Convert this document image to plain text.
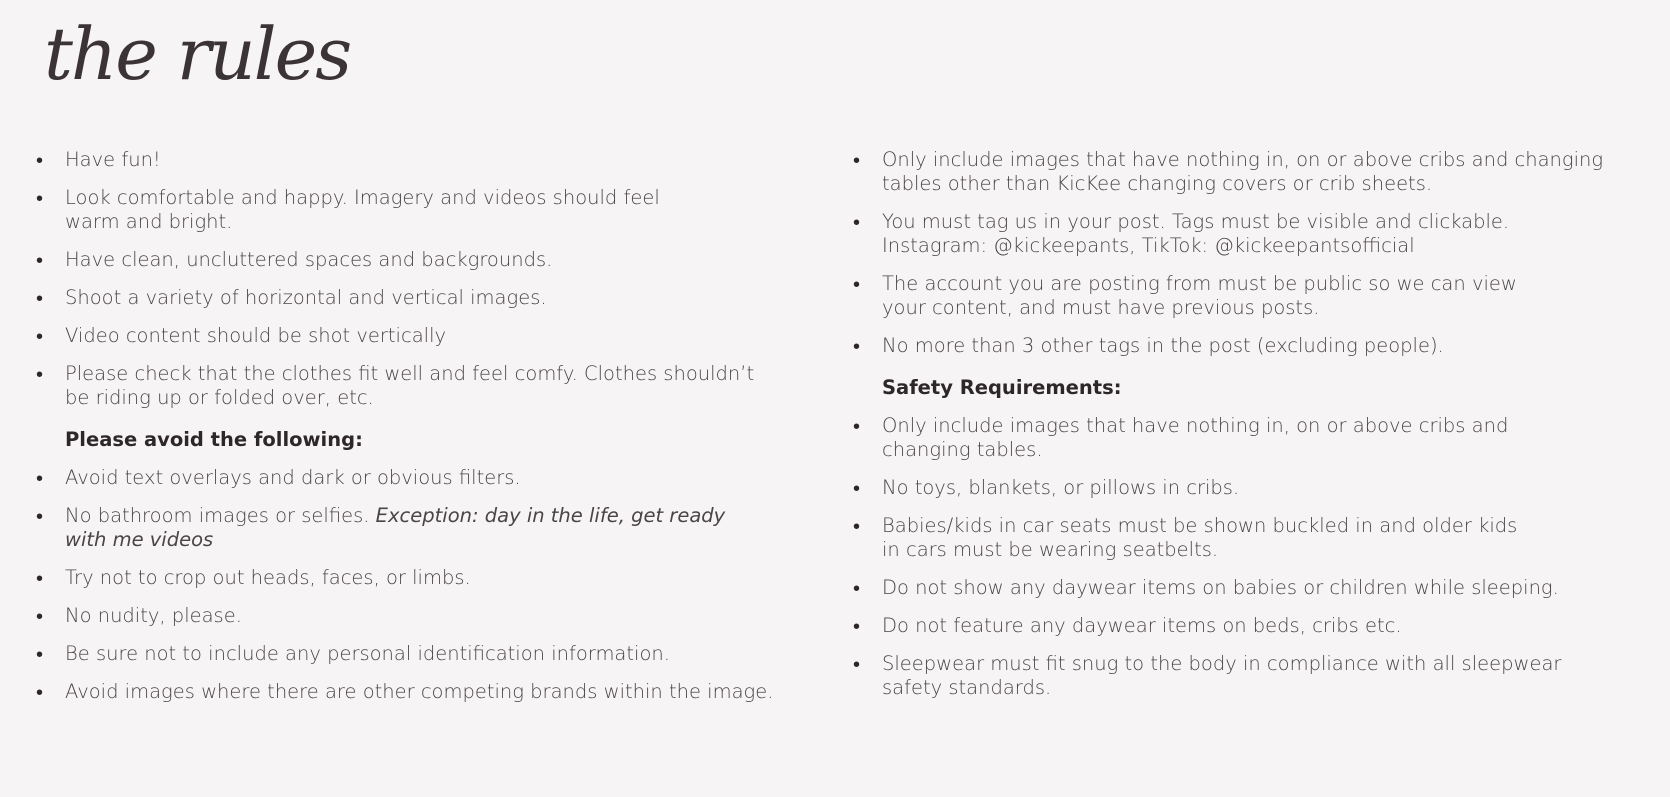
the rules
• Have fun!
• Look comfortable and happy. Imagery and videos should feel
warm and bright.
• Have clean, uncluttered spaces and backgrounds.
• Shoot a variety of horizontal and vertical images.
• Video content should be shot vertically
• Please check that the clothes fit well and feel comfy. Clothes shouldn’t
be riding up or folded over, etc.
Please avoid the following:
• Avoid text overlays and dark or obvious filters.
• No bathroom images or selfies. Exception: day in the life, get ready
with me videos
• Try not to crop out heads, faces, or limbs.
• No nudity, please.
• Be sure not to include any personal identification information.
• Avoid images where there are other competing brands within the image.
• Only include images that have nothing in, on or above cribs and changing
tables other than KicKee changing covers or crib sheets.
• You must tag us in your post. Tags must be visible and clickable.
Instagram: @kickeepants, TikTok: @kickeepantsofficial
• The account you are posting from must be public so we can view
your content, and must have previous posts.
• No more than 3 other tags in the post (excluding people).
Safety Requirements:
• Only include images that have nothing in, on or above cribs and
changing tables.
• No toys, blankets, or pillows in cribs.
• Babies/kids in car seats must be shown buckled in and older kids
in cars must be wearing seatbelts.
• Do not show any daywear items on babies or children while sleeping.
• Do not feature any daywear items on beds, cribs etc.
• Sleepwear must fit snug to the body in compliance with all sleepwear
safety standards.
